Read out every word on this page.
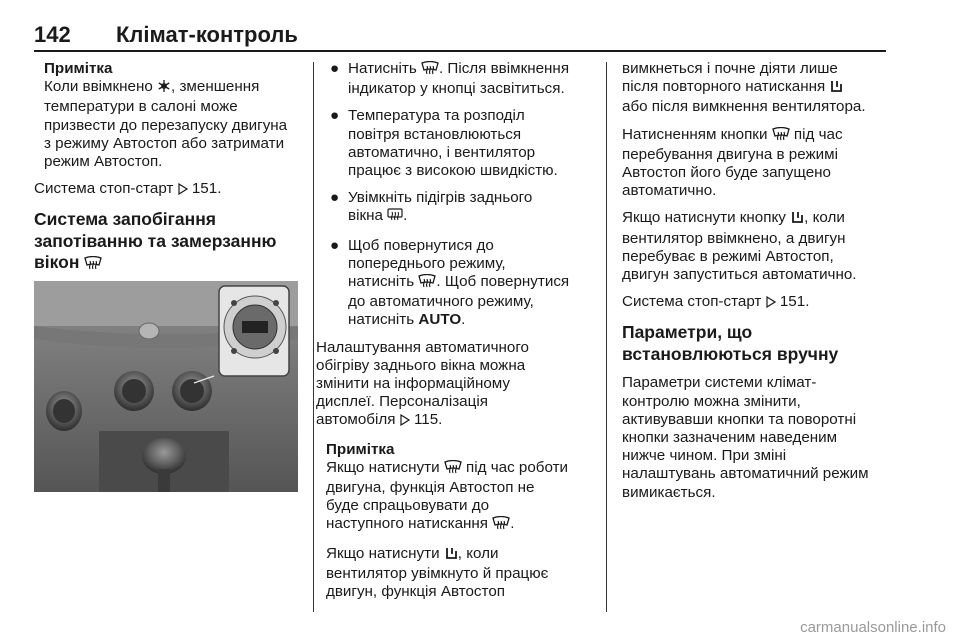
142	Клімат-контроль
Примітка
Коли ввімкнено , зменшення
температури в салоні може
призвести до перезапуску двигуна
з режиму Автостоп або затримати
режим Автостоп.

Система стоп-старт 151.

Система запобігання
запотіванню та замерзанню
вікон
● Натисніть . Після ввімкнення
індикатор у кнопці засвітиться.
● Температура та розподіл
повітря встановлюються
автоматично, і вентилятор
працює з високою швидкістю.
● Увімкніть підігрів заднього
вікна .
● Щоб повернутися до
попереднього режиму,
натисніть . Щоб повернутися
до автоматичного режиму,
натисніть AUTO.

Налаштування автоматичного
обігріву заднього вікна можна
змінити на інформаційному
дисплеї. Персоналізація
автомобіля 115.

Примітка
Якщо натиснути під час роботи
двигуна, функція Автостоп не
буде спрацьовувати до
наступного натискання .
Якщо натиснути , коли
вентилятор увімкнуто й працює
двигун, функція Автостоп

вимкнеться і почне діяти лише
після повторного натискання
або після вимкнення вентилятора.

Натисненням кнопки під час
перебування двигуна в режимі
Автостоп його буде запущено
автоматично.

Якщо натиснути кнопку , коли
вентилятор ввімкнено, а двигун
перебуває в режимі Автостоп,
двигун запуститься автоматично.

Система стоп-старт 151.

Параметри, що
встановлюються вручну

Параметри системи клімат-
контролю можна змінити,
активувавши кнопки та поворотні
кнопки зазначеним наведеним
нижче чином. При зміні
налаштувань автоматичний режим
вимикається.

carmanualsonline.info
